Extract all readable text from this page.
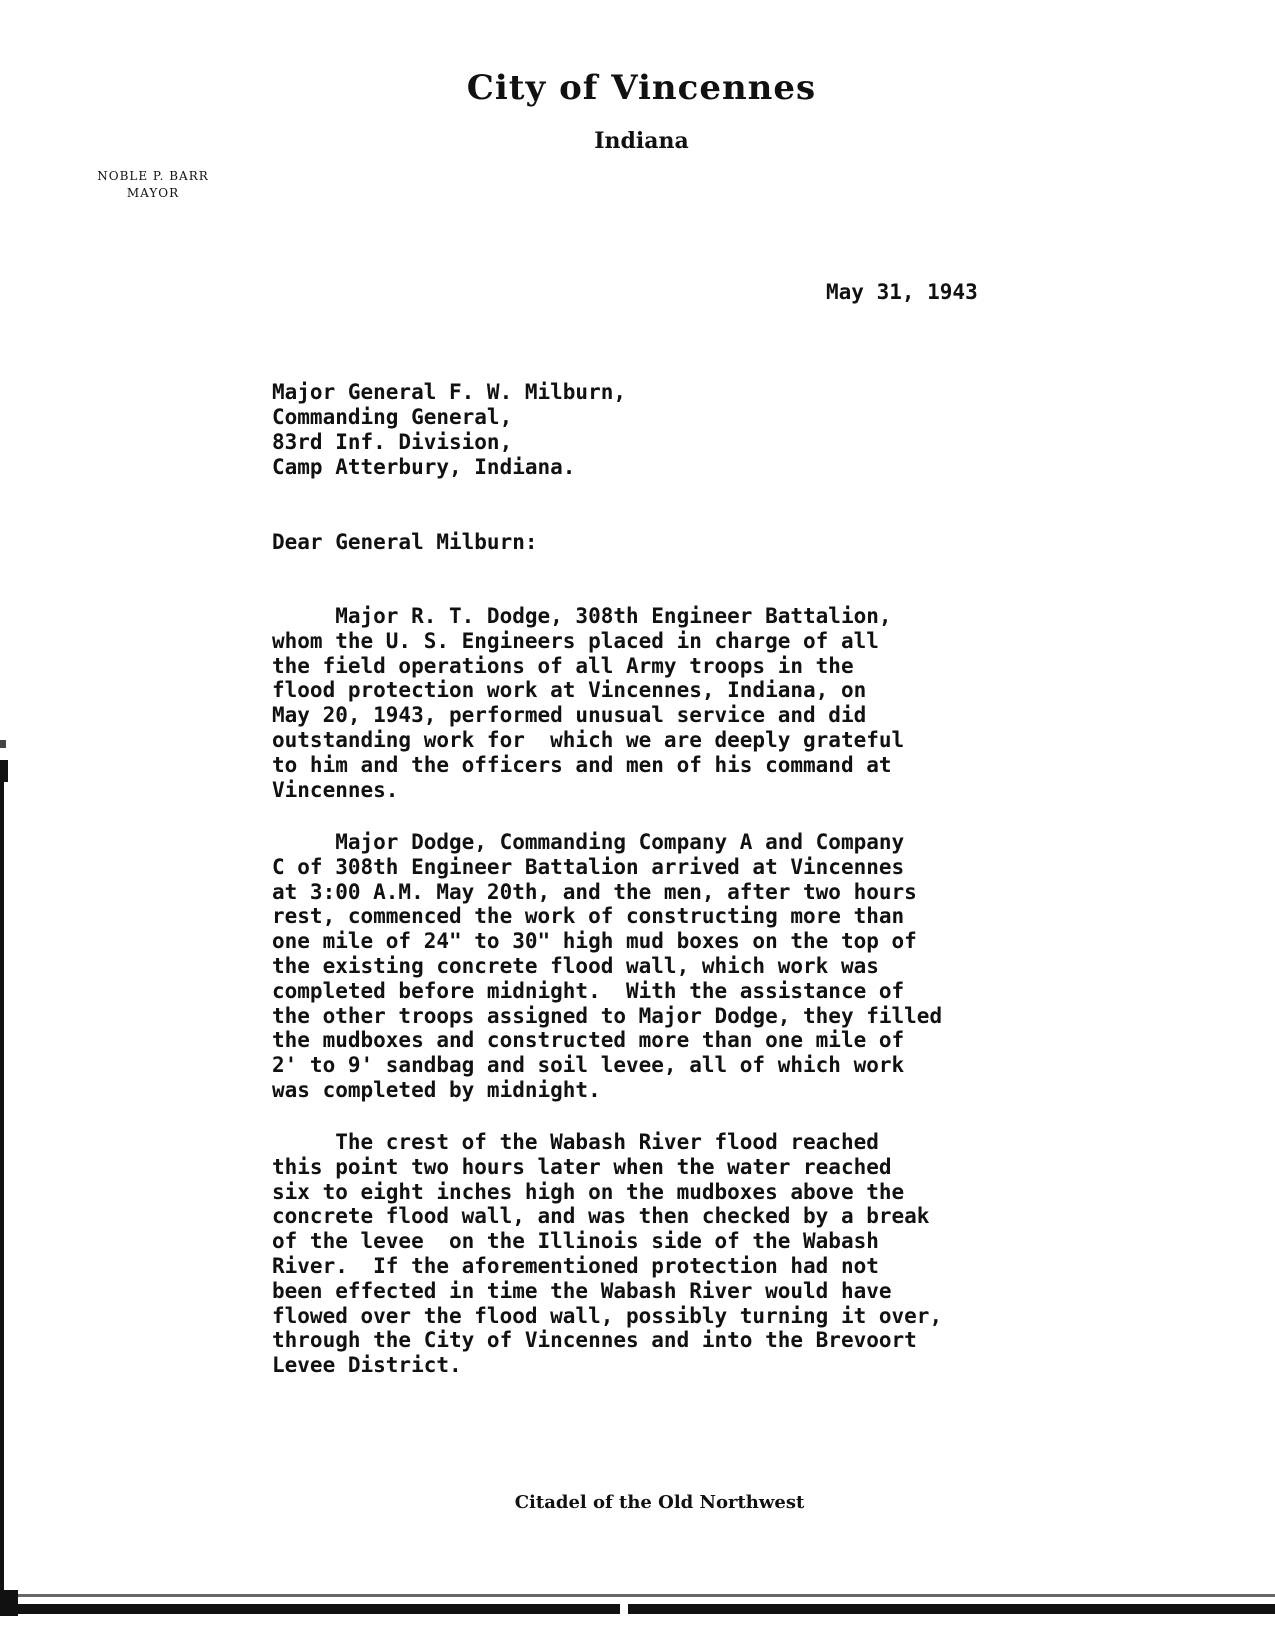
City of Vincennes
Indiana
NOBLE P. BARR
MAYOR
May 31, 1943
Major General F. W. Milburn,
Commanding General,
83rd Inf. Division,
Camp Atterbury, Indiana.
Dear General Milburn:
Major R. T. Dodge, 308th Engineer Battalion,
whom the U. S. Engineers placed in charge of all
the field operations of all Army troops in the
flood protection work at Vincennes, Indiana, on
May 20, 1943, performed unusual service and did
outstanding work for  which we are deeply grateful
to him and the officers and men of his command at
Vincennes.
Major Dodge, Commanding Company A and Company
C of 308th Engineer Battalion arrived at Vincennes
at 3:00 A.M. May 20th, and the men, after two hours
rest, commenced the work of constructing more than
one mile of 24" to 30" high mud boxes on the top of
the existing concrete flood wall, which work was
completed before midnight.  With the assistance of
the other troops assigned to Major Dodge, they filled
the mudboxes and constructed more than one mile of
2' to 9' sandbag and soil levee, all of which work
was completed by midnight.
The crest of the Wabash River flood reached
this point two hours later when the water reached
six to eight inches high on the mudboxes above the
concrete flood wall, and was then checked by a break
of the levee  on the Illinois side of the Wabash
River.  If the aforementioned protection had not
been effected in time the Wabash River would have
flowed over the flood wall, possibly turning it over,
through the City of Vincennes and into the Brevoort
Levee District.
Citadel of the Old Northwest
